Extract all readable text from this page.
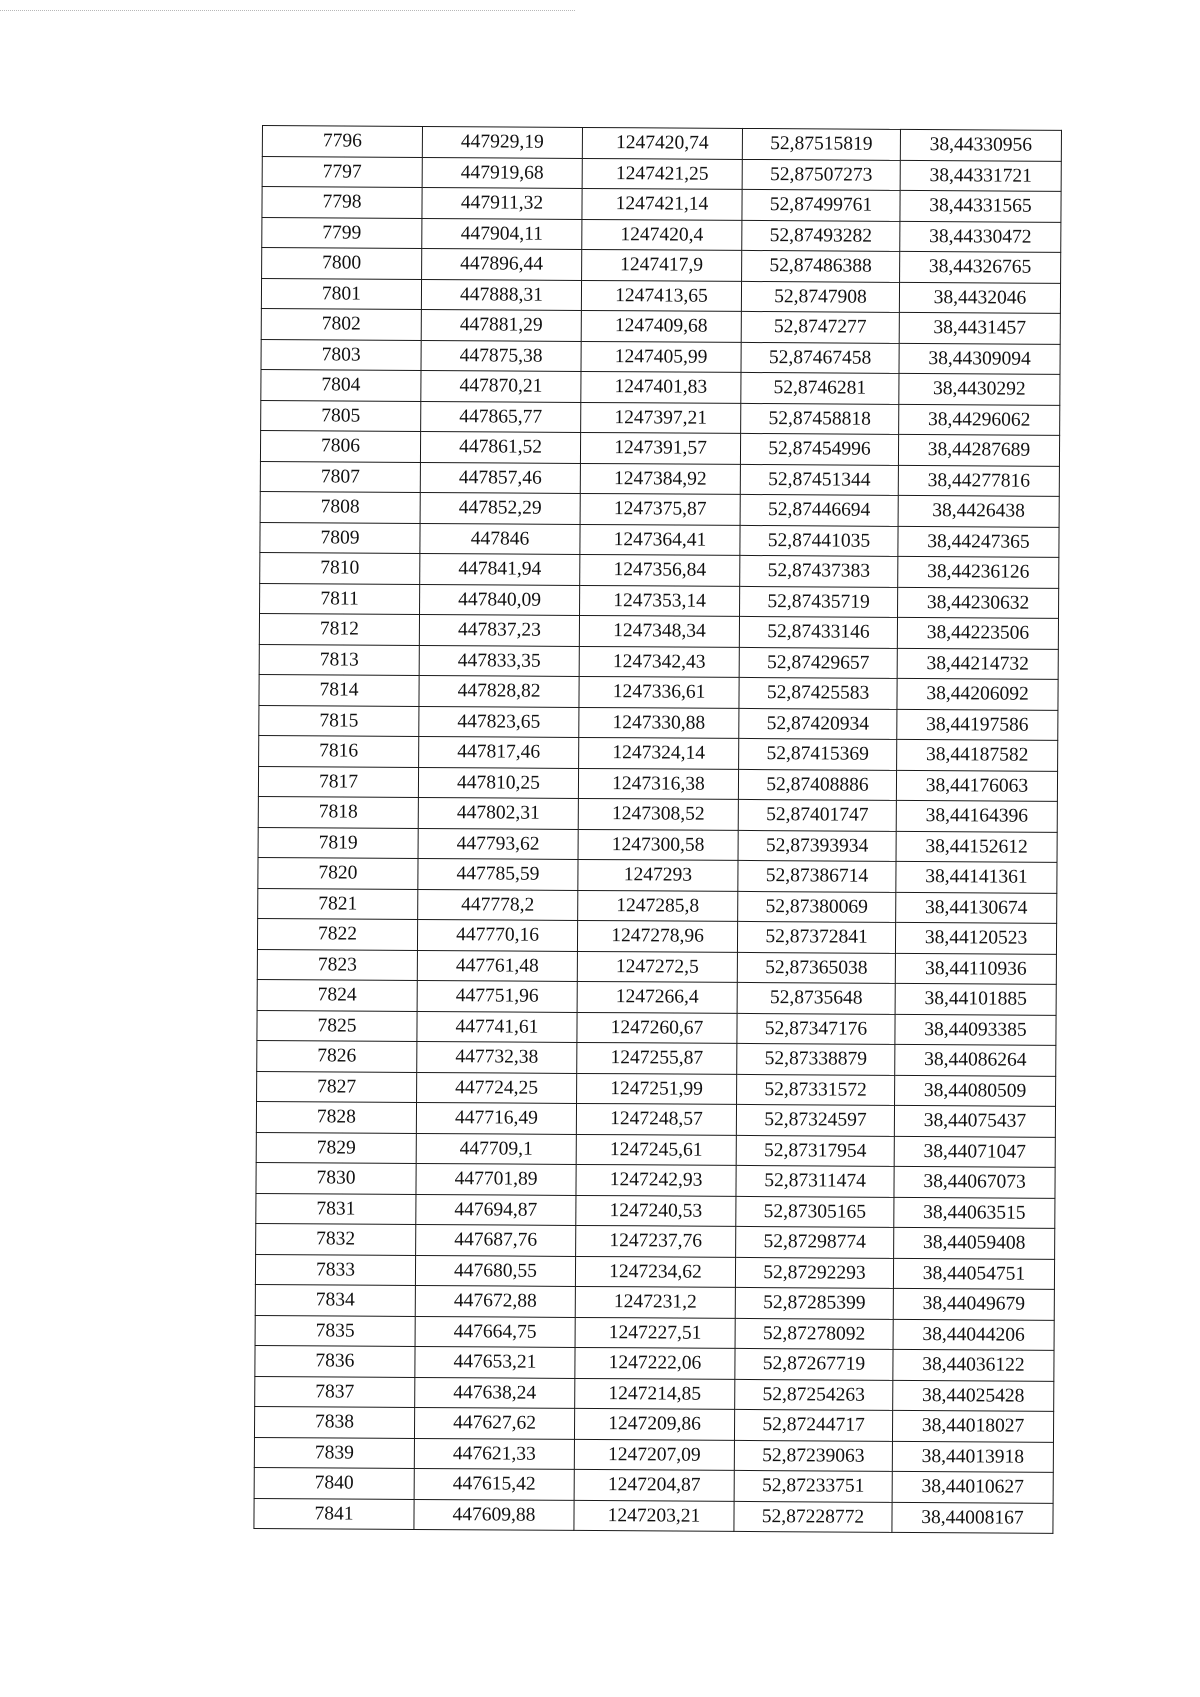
7796	447929,19	1247420,74	52,87515819	38,44330956
7797	447919,68	1247421,25	52,87507273	38,44331721
7798	447911,32	1247421,14	52,87499761	38,44331565
7799	447904,11	1247420,4	52,87493282	38,44330472
7800	447896,44	1247417,9	52,87486388	38,44326765
7801	447888,31	1247413,65	52,8747908	38,4432046
7802	447881,29	1247409,68	52,8747277	38,4431457
7803	447875,38	1247405,99	52,87467458	38,44309094
7804	447870,21	1247401,83	52,8746281	38,4430292
7805	447865,77	1247397,21	52,87458818	38,44296062
7806	447861,52	1247391,57	52,87454996	38,44287689
7807	447857,46	1247384,92	52,87451344	38,44277816
7808	447852,29	1247375,87	52,87446694	38,4426438
7809	447846	1247364,41	52,87441035	38,44247365
7810	447841,94	1247356,84	52,87437383	38,44236126
7811	447840,09	1247353,14	52,87435719	38,44230632
7812	447837,23	1247348,34	52,87433146	38,44223506
7813	447833,35	1247342,43	52,87429657	38,44214732
7814	447828,82	1247336,61	52,87425583	38,44206092
7815	447823,65	1247330,88	52,87420934	38,44197586
7816	447817,46	1247324,14	52,87415369	38,44187582
7817	447810,25	1247316,38	52,87408886	38,44176063
7818	447802,31	1247308,52	52,87401747	38,44164396
7819	447793,62	1247300,58	52,87393934	38,44152612
7820	447785,59	1247293	52,87386714	38,44141361
7821	447778,2	1247285,8	52,87380069	38,44130674
7822	447770,16	1247278,96	52,87372841	38,44120523
7823	447761,48	1247272,5	52,87365038	38,44110936
7824	447751,96	1247266,4	52,8735648	38,44101885
7825	447741,61	1247260,67	52,87347176	38,44093385
7826	447732,38	1247255,87	52,87338879	38,44086264
7827	447724,25	1247251,99	52,87331572	38,44080509
7828	447716,49	1247248,57	52,87324597	38,44075437
7829	447709,1	1247245,61	52,87317954	38,44071047
7830	447701,89	1247242,93	52,87311474	38,44067073
7831	447694,87	1247240,53	52,87305165	38,44063515
7832	447687,76	1247237,76	52,87298774	38,44059408
7833	447680,55	1247234,62	52,87292293	38,44054751
7834	447672,88	1247231,2	52,87285399	38,44049679
7835	447664,75	1247227,51	52,87278092	38,44044206
7836	447653,21	1247222,06	52,87267719	38,44036122
7837	447638,24	1247214,85	52,87254263	38,44025428
7838	447627,62	1247209,86	52,87244717	38,44018027
7839	447621,33	1247207,09	52,87239063	38,44013918
7840	447615,42	1247204,87	52,87233751	38,44010627
7841	447609,88	1247203,21	52,87228772	38,44008167
